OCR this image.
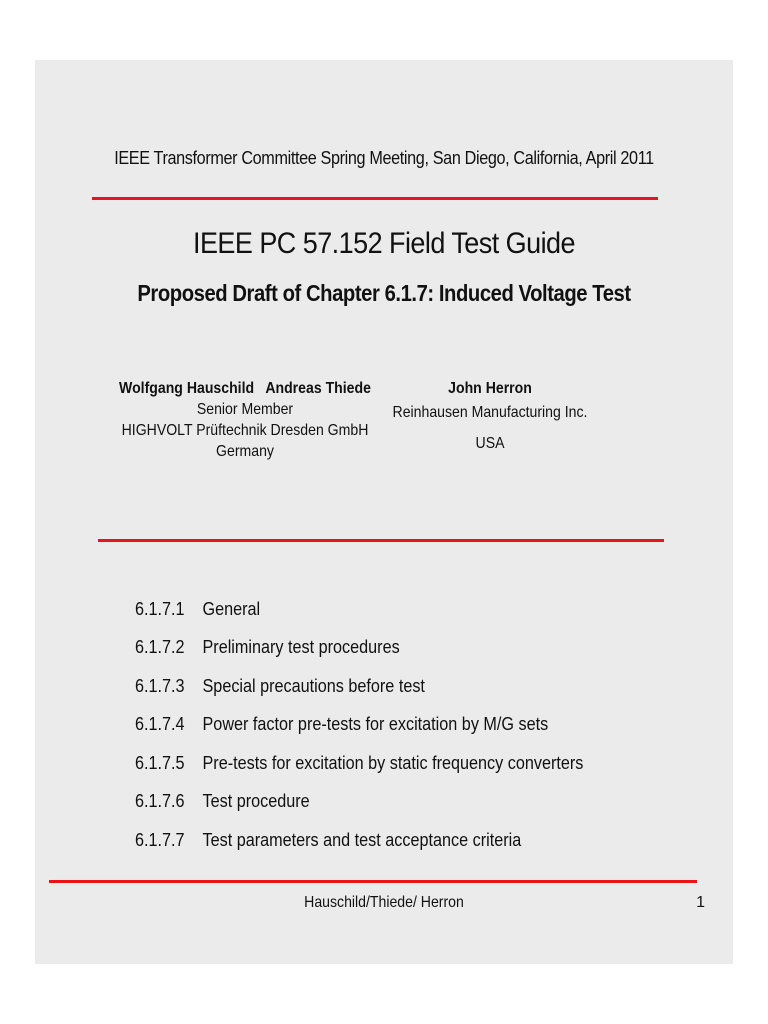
IEEE Transformer Committee Spring Meeting, San Diego, California, April 2011
IEEE PC 57.152 Field Test Guide
Proposed Draft of Chapter 6.1.7: Induced Voltage Test
Wolfgang Hauschild   Andreas Thiede
Senior Member
HIGHVOLT Prüftechnik Dresden GmbH
Germany
John Herron
Reinhausen Manufacturing Inc.
USA
6.1.7.1 General
6.1.7.2 Preliminary test procedures
6.1.7.3 Special precautions before test
6.1.7.4 Power factor pre-tests for excitation by M/G sets
6.1.7.5 Pre-tests for excitation by static frequency converters
6.1.7.6 Test procedure
6.1.7.7 Test parameters and test acceptance criteria
Hauschild/Thiede/ Herron	1
